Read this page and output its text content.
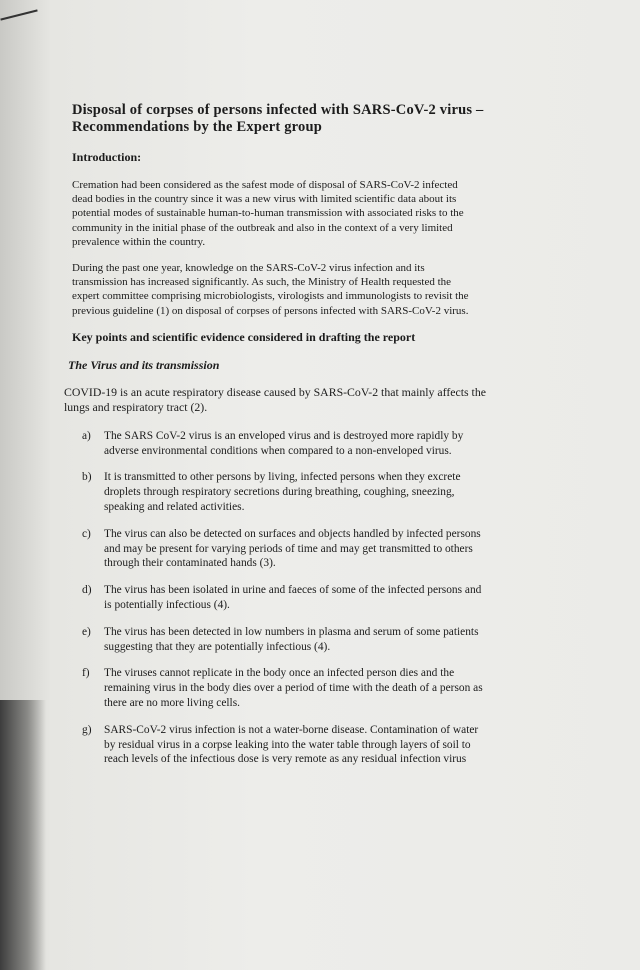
Disposal of corpses of persons infected with SARS-CoV-2 virus –
Recommendations by the Expert group
Introduction:
Cremation had been considered as the safest mode of disposal of SARS-CoV-2 infected
dead bodies in the country since it was a new virus with limited scientific data about its
potential modes of sustainable human-to-human transmission with associated risks to the
community in the initial phase of the outbreak and also in the context of a very limited
prevalence within the country.
During the past one year, knowledge on the SARS-CoV-2 virus infection and its
transmission has increased significantly. As such, the Ministry of Health requested the
expert committee comprising microbiologists, virologists and immunologists to revisit the
previous guideline (1) on disposal of corpses of persons infected with SARS-CoV-2 virus.
Key points and scientific evidence considered in drafting the report
The Virus and its transmission
COVID-19 is an acute respiratory disease caused by SARS-CoV-2 that mainly affects the
lungs and respiratory tract (2).
a)	The SARS CoV-2 virus is an enveloped virus and is destroyed more rapidly by
adverse environmental conditions when compared to a non-enveloped virus.
b)	It is transmitted to other persons by living, infected persons when they excrete
droplets through respiratory secretions during breathing, coughing, sneezing,
speaking and related activities.
c)	The virus can also be detected on surfaces and objects handled by infected persons
and may be present for varying periods of time and may get transmitted to others
through their contaminated hands (3).
d)	The virus has been isolated in urine and faeces of some of the infected persons and
is potentially infectious (4).
e)	The virus has been detected in low numbers in plasma and serum of some patients
suggesting that they are potentially infectious (4).
f)	The viruses cannot replicate in the body once an infected person dies and the
remaining virus in the body dies over a period of time with the death of a person as
there are no more living cells.
g)	SARS-CoV-2 virus infection is not a water-borne disease. Contamination of water
by residual virus in a corpse leaking into the water table through layers of soil to
reach levels of the infectious dose is very remote as any residual infection virus
